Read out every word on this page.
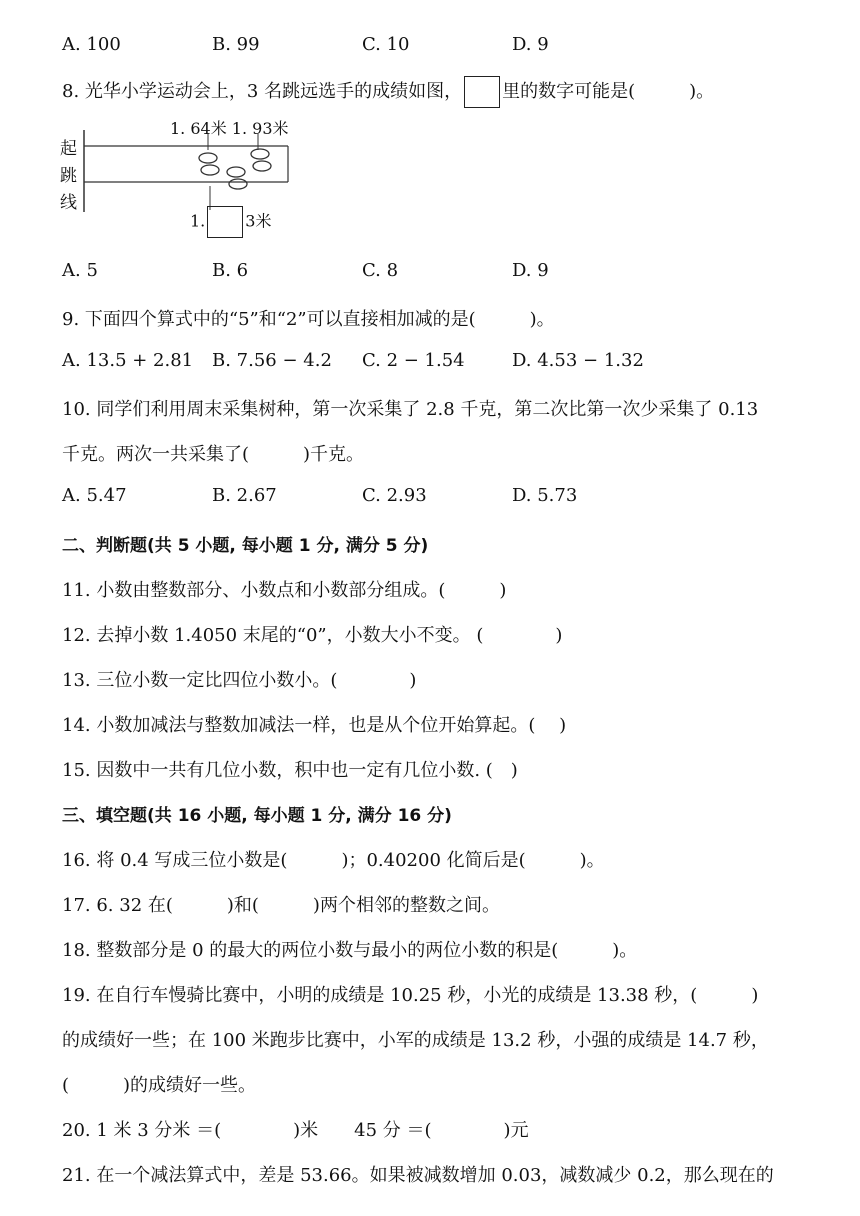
A. 100	B. 99	C. 10	D. 9
8. 光华小学运动会上，3 名跳远选手的成绩如图， 里的数字可能是(　　　)。
1. 64米 1. 93米
起
跳
线
1.	3米
A. 5	B. 6	C. 8	D. 9
9. 下面四个算式中的“5”和“2”可以直接相加减的是(　　　)。
A. 13.5 + 2.81 B. 7.56 − 4.2 C. 2 − 1.54	D. 4.53 − 1.32
10. 同学们利用周末采集树种，第一次采集了 2.8 千克，第二次比第一次少采集了 0.13
千克。两次一共采集了(　　　)千克。
A. 5.47	B. 2.67	C. 2.93	D. 5.73
二、判断题(共 5 小题, 每小题 1 分, 满分 5 分)
11. 小数由整数部分、小数点和小数部分组成。(　　　)
12. 去掉小数 1.4050 末尾的“0”，小数大小不变。 (　　　　)
13. 三位小数一定比四位小数小。(　　　　)
14. 小数加减法与整数加减法一样，也是从个位开始算起。(　 )
15. 因数中一共有几位小数，积中也一定有几位小数. (　)
三、填空题(共 16 小题, 每小题 1 分, 满分 16 分)
16. 将 0.4 写成三位小数是(　　　)；0.40200 化简后是(　　　)。
17. 6. 32 在(　　　)和(　　　)两个相邻的整数之间。
18. 整数部分是 0 的最大的两位小数与最小的两位小数的积是(　　　)。
19. 在自行车慢骑比赛中，小明的成绩是 10.25 秒，小光的成绩是 13.38 秒，(　　　)
的成绩好一些；在 100 米跑步比赛中，小军的成绩是 13.2 秒，小强的成绩是 14.7 秒，
(　　　)的成绩好一些。
20. 1 米 3 分米 ＝(　　　　)米　　45 分 ＝(　　　　)元
21. 在一个减法算式中，差是 53.66。如果被减数增加 0.03，减数减少 0.2，那么现在的
